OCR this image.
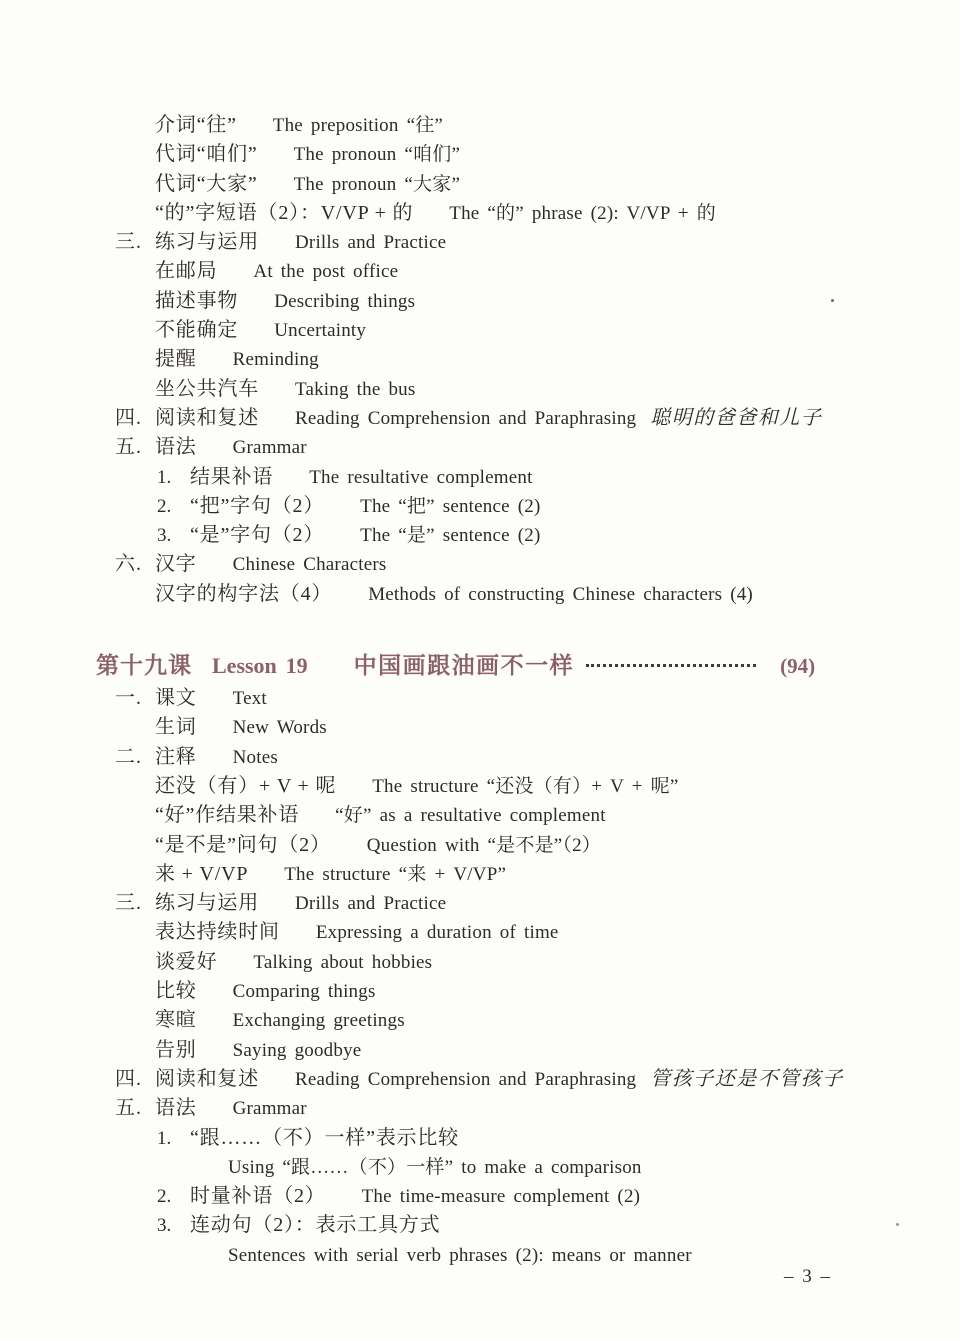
介词“往” The preposition “往”
代词“咱们” The pronoun “咱们”
代词“大家” The pronoun “大家”
“的”字短语（2）：V/VP + 的 The “的” phrase (2): V/VP + 的
三. 练习与运用 Drills and Practice
在邮局 At the post office
描述事物 Describing things
不能确定 Uncertainty
提醒 Reminding
坐公共汽车 Taking the bus
四. 阅读和复述 Reading Comprehension and Paraphrasing 聪明的爸爸和儿子
五. 语法 Grammar
1. 结果补语 The resultative complement
2. “把”字句（2） The “把” sentence (2)
3. “是”字句（2） The “是” sentence (2)
六. 汉字 Chinese Characters
汉字的构字法（4） Methods of constructing Chinese characters (4)
第十九课 Lesson 19 中国画跟油画不一样	(94)
一. 课文 Text
生词 New Words
二. 注释 Notes
还没（有）+ V + 呢 The structure “还没（有）+ V + 呢”
“好”作结果补语 “好” as a resultative complement
“是不是”问句（2） Question with “是不是”（2）
来 + V/VP The structure “来 + V/VP”
三. 练习与运用 Drills and Practice
表达持续时间 Expressing a duration of time
谈爱好 Talking about hobbies
比较 Comparing things
寒暄 Exchanging greetings
告别 Saying goodbye
四. 阅读和复述 Reading Comprehension and Paraphrasing 管孩子还是不管孩子
五. 语法 Grammar
1. “跟……（不）一样”表示比较
Using “跟……（不）一样” to make a comparison
2. 时量补语（2） The time-measure complement (2)
3. 连动句（2）：表示工具方式
Sentences with serial verb phrases (2): means or manner
– 3 –
